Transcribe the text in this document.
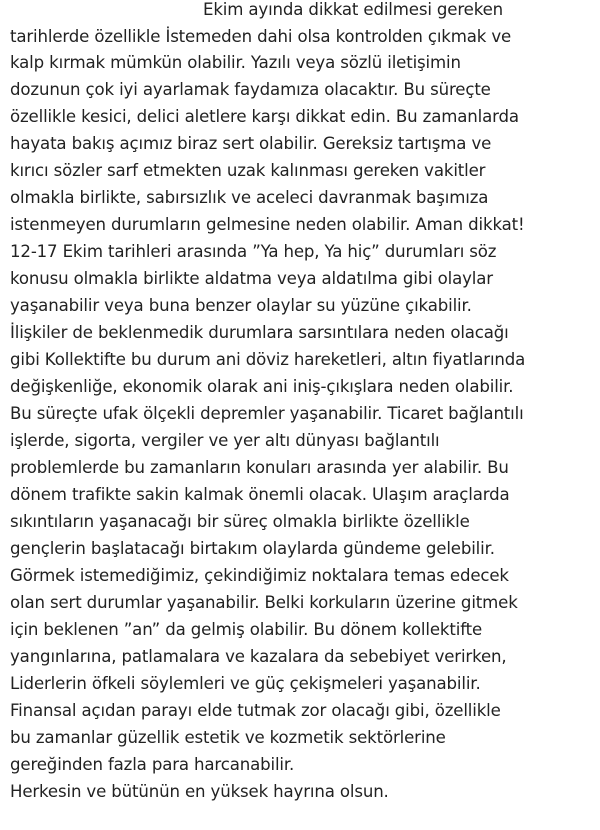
Ekim ayında dikkat edilmesi gereken
tarihlerde özellikle İstemeden dahi olsa kontrolden çıkmak ve
kalp kırmak mümkün olabilir. Yazılı veya sözlü iletişimin
dozunun çok iyi ayarlamak faydamıza olacaktır. Bu süreçte
özellikle kesici, delici aletlere karşı dikkat edin. Bu zamanlarda
hayata bakış açımız biraz sert olabilir. Gereksiz tartışma ve
kırıcı sözler sarf etmekten uzak kalınması gereken vakitler
olmakla birlikte, sabırsızlık ve aceleci davranmak başımıza
istenmeyen durumların gelmesine neden olabilir. Aman dikkat!
12-17 Ekim tarihleri arasında ”Ya hep, Ya hiç” durumları söz
konusu olmakla birlikte aldatma veya aldatılma gibi olaylar
yaşanabilir veya buna benzer olaylar su yüzüne çıkabilir.
İlişkiler de beklenmedik durumlara sarsıntılara neden olacağı
gibi Kollektifte bu durum ani döviz hareketleri, altın fiyatlarında
değişkenliğe, ekonomik olarak ani iniş-çıkışlara neden olabilir.
Bu süreçte ufak ölçekli depremler yaşanabilir. Ticaret bağlantılı
işlerde, sigorta, vergiler ve yer altı dünyası bağlantılı
problemlerde bu zamanların konuları arasında yer alabilir. Bu
dönem trafikte sakin kalmak önemli olacak. Ulaşım araçlarda
sıkıntıların yaşanacağı bir süreç olmakla birlikte özellikle
gençlerin başlatacağı birtakım olaylarda gündeme gelebilir.
Görmek istemediğimiz, çekindiğimiz noktalara temas edecek
olan sert durumlar yaşanabilir. Belki korkuların üzerine gitmek
için beklenen ”an” da gelmiş olabilir. Bu dönem kollektifte
yangınlarına, patlamalara ve kazalara da sebebiyet verirken,
Liderlerin öfkeli söylemleri ve güç çekişmeleri yaşanabilir.
Finansal açıdan parayı elde tutmak zor olacağı gibi, özellikle
bu zamanlar güzellik estetik ve kozmetik sektörlerine
gereğinden fazla para harcanabilir.
Herkesin ve bütünün en yüksek hayrına olsun.
